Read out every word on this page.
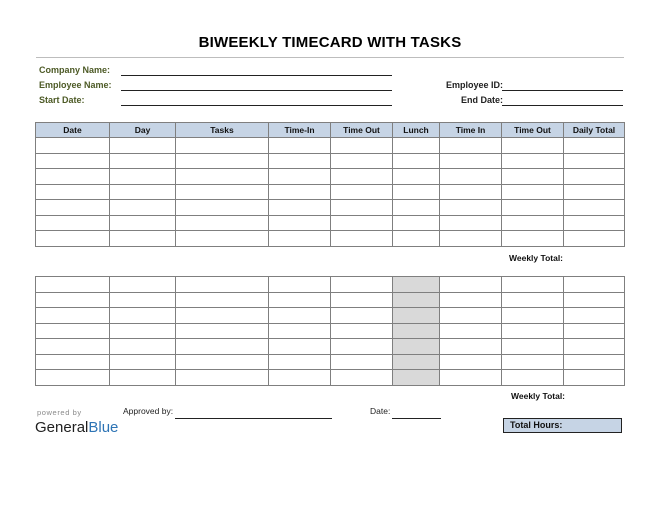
BIWEEKLY TIMECARD WITH TASKS
Company Name:
Employee Name:
Start Date:
Employee ID:
End Date:
Date	Day	Tasks	Time-In	Time Out	Lunch	Time In	Time Out	Daily Total

Weekly Total:

Weekly Total:
powered by
GeneralBlue
Approved by:	Date:
Total Hours:
